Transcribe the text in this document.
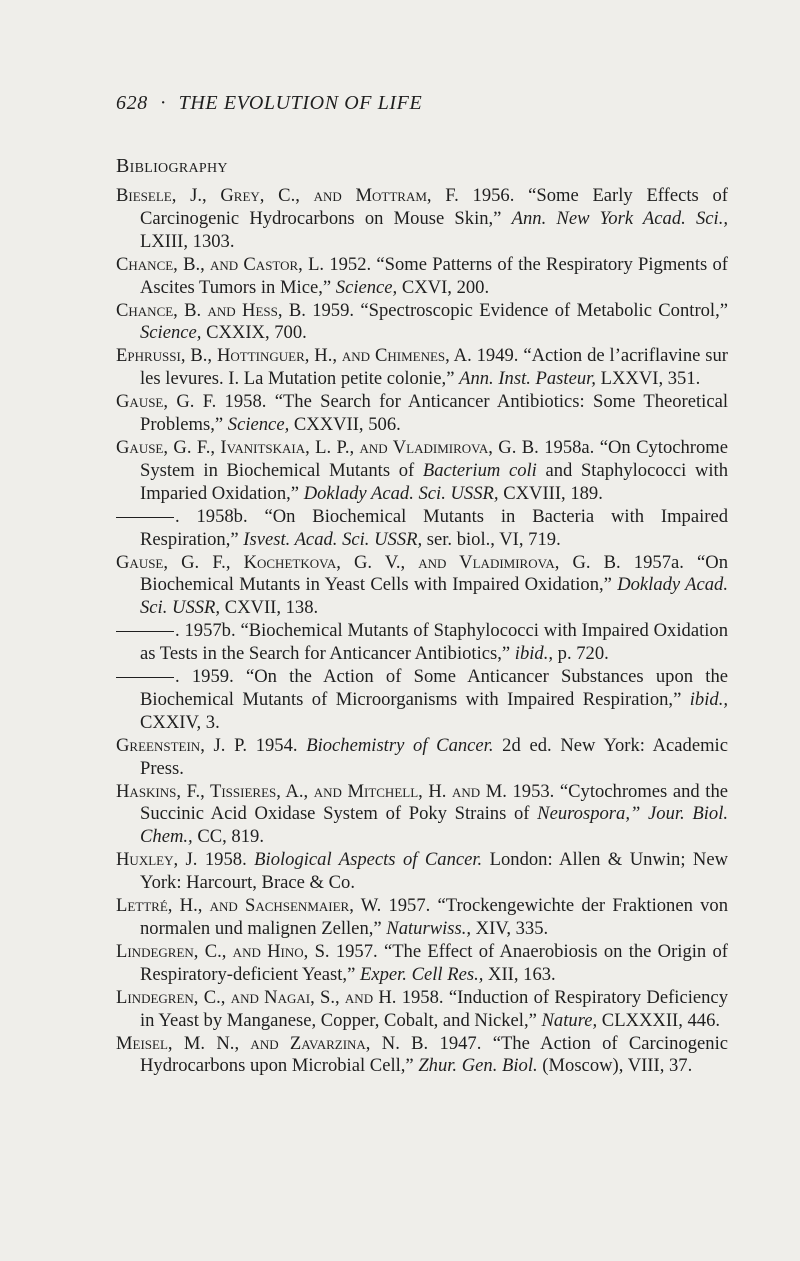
628 · THE EVOLUTION OF LIFE
Bibliography

Biesele, J., Grey, C., and Mottram, F. 1956. “Some Early Effects of Carcinogenic Hydrocarbons on Mouse Skin,” Ann. New York Acad. Sci., LXIII, 1303.

Chance, B., and Castor, L. 1952. “Some Patterns of the Respiratory Pigments of Ascites Tumors in Mice,” Science, CXVI, 200.

Chance, B. and Hess, B. 1959. “Spectroscopic Evidence of Metabolic Control,” Science, CXXIX, 700.

Ephrussi, B., Hottinguer, H., and Chimenes, A. 1949. “Action de l’acriflavine sur les levures. I. La Mutation petite colonie,” Ann. Inst. Pasteur, LXXVI, 351.

Gause, G. F. 1958. “The Search for Anticancer Antibiotics: Some Theoretical Problems,” Science, CXXVII, 506.

Gause, G. F., Ivanitskaia, L. P., and Vladimirova, G. B. 1958a. “On Cytochrome System in Biochemical Mutants of Bacterium coli and Staphylococci with Imparied Oxidation,” Doklady Acad. Sci. USSR, CXVIII, 189.

. 1958b. “On Biochemical Mutants in Bacteria with Impaired Respiration,” Isvest. Acad. Sci. USSR, ser. biol., VI, 719.

Gause, G. F., Kochetkova, G. V., and Vladimirova, G. B. 1957a. “On Biochemical Mutants in Yeast Cells with Impaired Oxidation,” Doklady Acad. Sci. USSR, CXVII, 138.

. 1957b. “Biochemical Mutants of Staphylococci with Impaired Oxidation as Tests in the Search for Anticancer Antibiotics,” ibid., p. 720.

. 1959. “On the Action of Some Anticancer Substances upon the Biochemical Mutants of Microorganisms with Impaired Respiration,” ibid., CXXIV, 3.

Greenstein, J. P. 1954. Biochemistry of Cancer. 2d ed. New York: Academic Press.

Haskins, F., Tissieres, A., and Mitchell, H. and M. 1953. “Cytochromes and the Succinic Acid Oxidase System of Poky Strains of Neurospora,” Jour. Biol. Chem., CC, 819.

Huxley, J. 1958. Biological Aspects of Cancer. London: Allen & Unwin; New York: Harcourt, Brace & Co.

Lettré, H., and Sachsenmaier, W. 1957. “Trockengewichte der Fraktionen von normalen und malignen Zellen,” Naturwiss., XIV, 335.

Lindegren, C., and Hino, S. 1957. “The Effect of Anaerobiosis on the Origin of Respiratory-deficient Yeast,” Exper. Cell Res., XII, 163.

Lindegren, C., and Nagai, S., and H. 1958. “Induction of Respiratory Deficiency in Yeast by Manganese, Copper, Cobalt, and Nickel,” Nature, CLXXXII, 446.

Meisel, M. N., and Zavarzina, N. B. 1947. “The Action of Carcinogenic Hydrocarbons upon Microbial Cell,” Zhur. Gen. Biol. (Moscow), VIII, 37.
